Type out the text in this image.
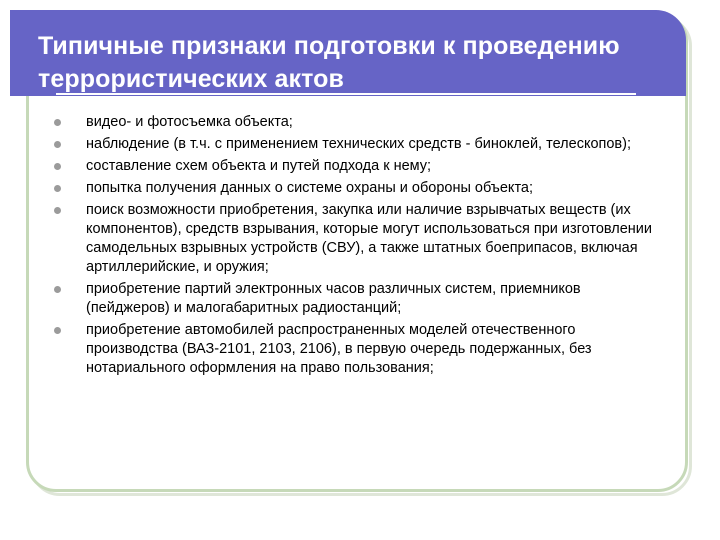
Типичные признаки подготовки к проведению террористических актов
видео- и фотосъемка объекта;
наблюдение (в т.ч. с применением технических средств - биноклей, телескопов);
составление схем объекта и путей подхода к нему;
попытка получения данных о системе охраны и обороны объекта;
поиск возможности приобретения, закупка или наличие взрывчатых веществ (их компонентов), средств взрывания, которые могут использоваться при изготовлении самодельных взрывных устройств (СВУ), а также штатных боеприпасов, включая артиллерийские, и оружия;
приобретение партий электронных часов различных систем, приемников (пейджеров) и малогабаритных радиостанций;
приобретение автомобилей распространенных моделей отечественного производства (ВАЗ-2101, 2103, 2106), в первую очередь подержанных, без нотариального оформления на право пользования;
